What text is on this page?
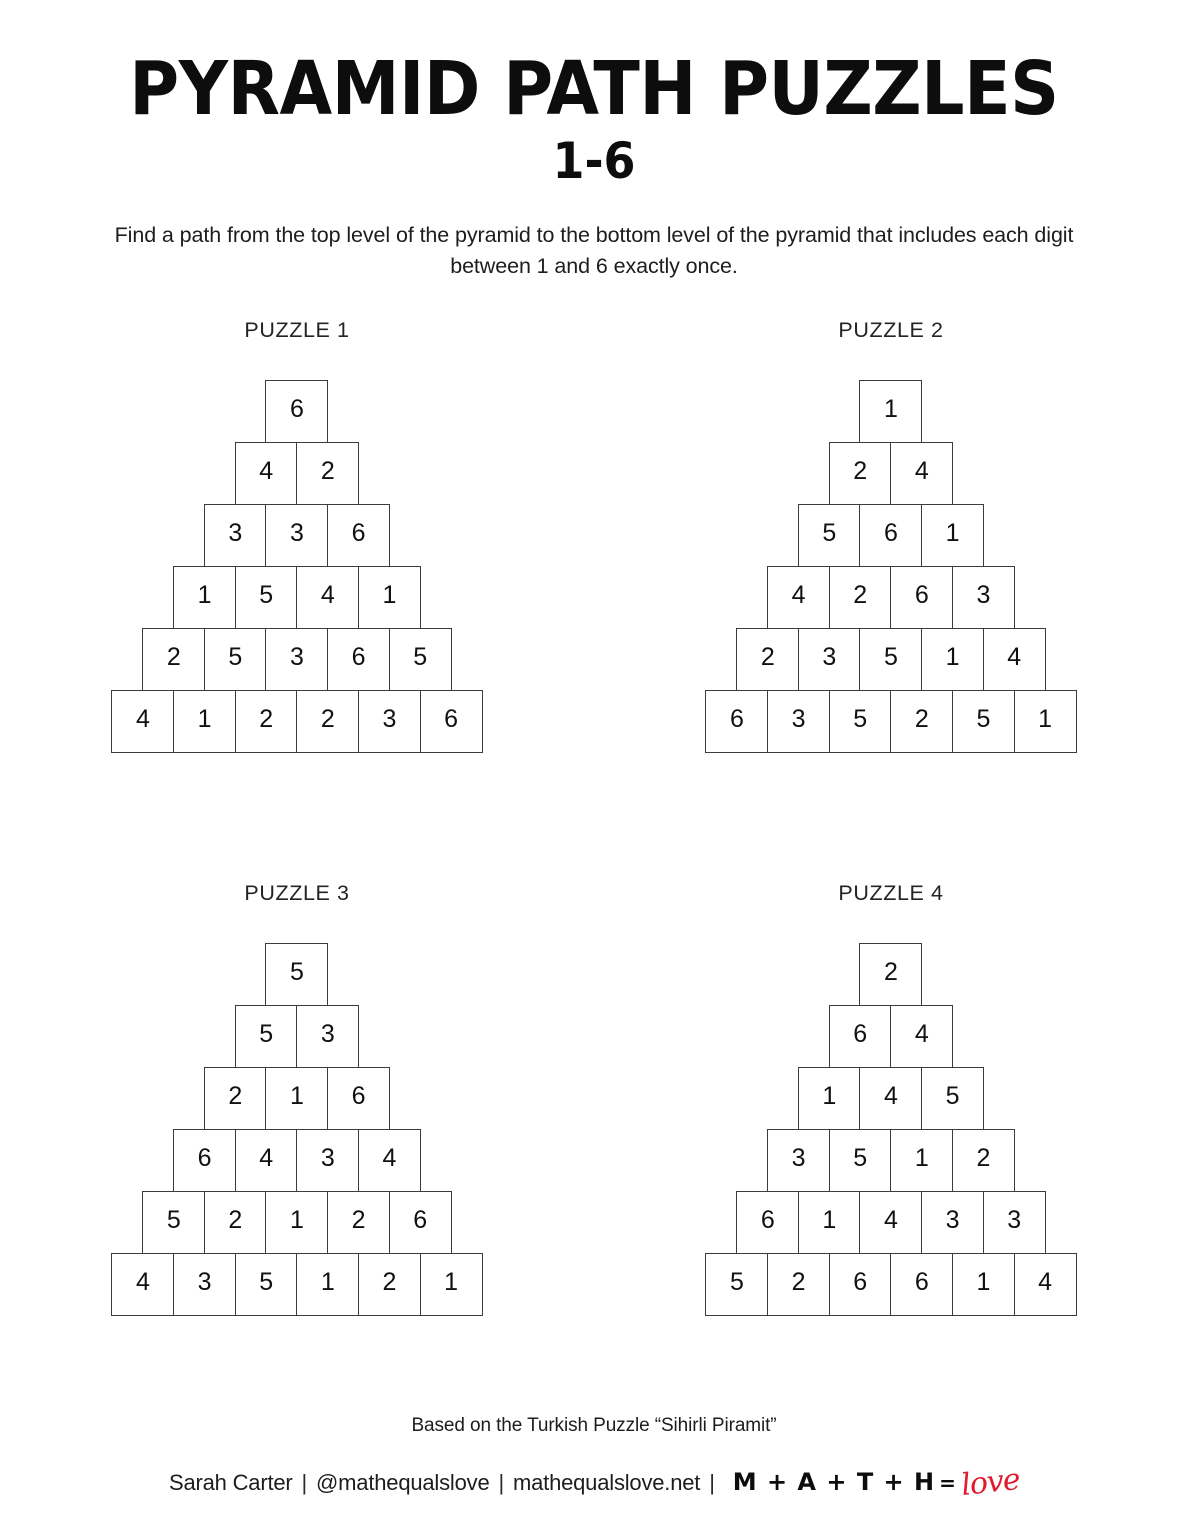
PYRAMID PATH PUZZLES
1-6

Find a path from the top level of the pyramid to the bottom level of the pyramid that includes each digit between 1 and 6 exactly once.

PUZZLE 1
6
4	2
3	3	6
1	5	4	1
2	5	3	6	5
4	1	2	2	3	6
PUZZLE 2
1
2	4
5	6	1
4	2	6	3
2	3	5	1	4
6	3	5	2	5	1
PUZZLE 3
5
5	3
2	1	6
6	4	3	4
5	2	1	2	6
4	3	5	1	2	1
PUZZLE 4
2
6	4
1	4	5
3	5	1	2
6	1	4	3	3
5	2	6	6	1	4
Based on the Turkish Puzzle “Sihirli Piramit”
Sarah Carter | @mathequalslove | mathequalslove.net | M + A + T + H = love
